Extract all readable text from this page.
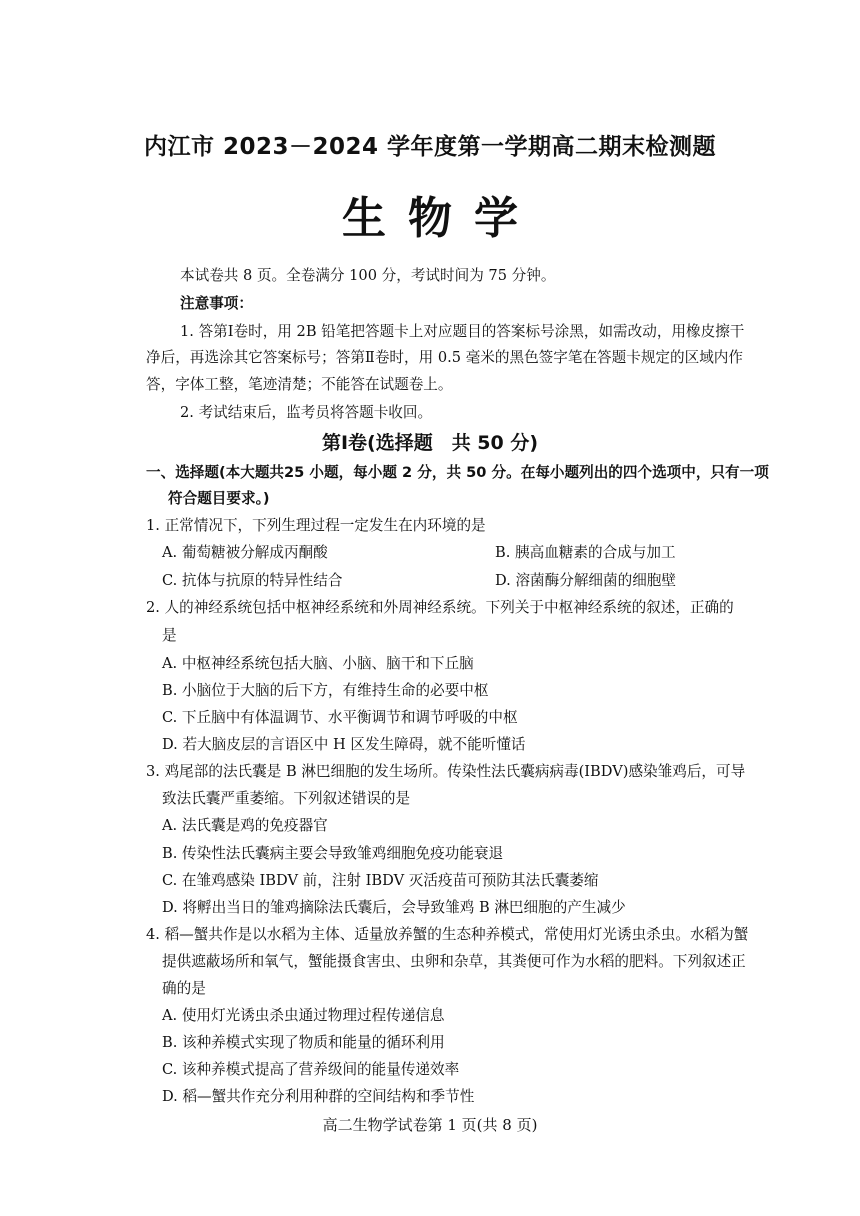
内江市 2023－2024 学年度第一学期高二期末检测题
生物学
本试卷共 8 页。全卷满分 100 分，考试时间为 75 分钟。
注意事项：
1. 答第Ⅰ卷时，用 2B 铅笔把答题卡上对应题目的答案标号涂黑，如需改动，用橡皮擦干
净后，再选涂其它答案标号；答第Ⅱ卷时，用 0.5 毫米的黑色签字笔在答题卡规定的区域内作
答，字体工整，笔迹清楚；不能答在试题卷上。
2. 考试结束后，监考员将答题卡收回。
第Ⅰ卷(选择题　共 50 分)
一、选择题(本大题共25 小题，每小题 2 分，共 50 分。在每小题列出的四个选项中，只有一项
符合题目要求。)
1. 正常情况下，下列生理过程一定发生在内环境的是
A. 葡萄糖被分解成丙酮酸	B. 胰高血糖素的合成与加工
C. 抗体与抗原的特异性结合	D. 溶菌酶分解细菌的细胞壁
2. 人的神经系统包括中枢神经系统和外周神经系统。下列关于中枢神经系统的叙述，正确的
是
A. 中枢神经系统包括大脑、小脑、脑干和下丘脑
B. 小脑位于大脑的后下方，有维持生命的必要中枢
C. 下丘脑中有体温调节、水平衡调节和调节呼吸的中枢
D. 若大脑皮层的言语区中 H 区发生障碍，就不能听懂话
3. 鸡尾部的法氏囊是 B 淋巴细胞的发生场所。传染性法氏囊病病毒(IBDV)感染雏鸡后，可导
致法氏囊严重萎缩。下列叙述错误的是
A. 法氏囊是鸡的免疫器官
B. 传染性法氏囊病主要会导致雏鸡细胞免疫功能衰退
C. 在雏鸡感染 IBDV 前，注射 IBDV 灭活疫苗可预防其法氏囊萎缩
D. 将孵出当日的雏鸡摘除法氏囊后，会导致雏鸡 B 淋巴细胞的产生减少
4. 稻—蟹共作是以水稻为主体、适量放养蟹的生态种养模式，常使用灯光诱虫杀虫。水稻为蟹
提供遮蔽场所和氧气，蟹能摄食害虫、虫卵和杂草，其粪便可作为水稻的肥料。下列叙述正
确的是
A. 使用灯光诱虫杀虫通过物理过程传递信息
B. 该种养模式实现了物质和能量的循环利用
C. 该种养模式提高了营养级间的能量传递效率
D. 稻—蟹共作充分利用种群的空间结构和季节性
高二生物学试卷第 1 页(共 8 页)
